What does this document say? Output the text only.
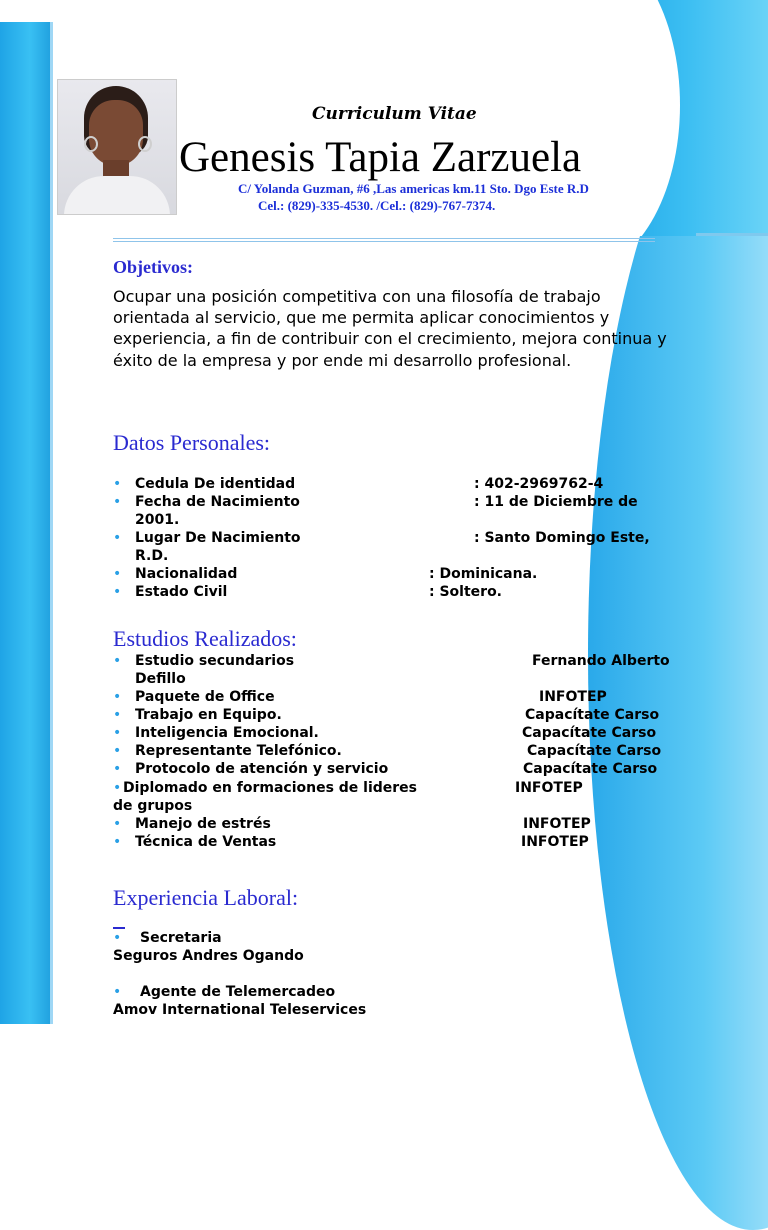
Curriculum Vitae
Genesis Tapia Zarzuela
C/ Yolanda Guzman, #6 ,Las americas km.11 Sto. Dgo Este R.D
Cel.: (829)-335-4530. /Cel.: (829)-767-7374.
Objetivos:
Ocupar una posición competitiva con una filosofía de trabajo orientada al servicio, que me permita aplicar conocimientos y experiencia, a fin de contribuir con el crecimiento, mejora continua y éxito de la empresa y por ende mi desarrollo profesional.
Datos Personales:
• Cedula De identidad	: 402-2969762-4
• Fecha de Nacimiento	: 11 de Diciembre de
2001.
• Lugar De Nacimiento	: Santo Domingo Este,
R.D.
• Nacionalidad	: Dominicana.
• Estado Civil	: Soltero.
Estudios Realizados:
• Estudio secundarios	Fernando Alberto
Defillo
• Paquete de Office	INFOTEP
• Trabajo en Equipo.	Capacítate Carso
• Inteligencia Emocional.	Capacítate Carso
• Representante Telefónico.	Capacítate Carso
• Protocolo de atención y servicio	Capacítate Carso
• Diplomado en formaciones de lideres	INFOTEP
de grupos
• Manejo de estrés	INFOTEP
• Técnica de Ventas	INFOTEP
Experiencia Laboral:
• Secretaria
Seguros Andres Ogando
• Agente de Telemercadeo
Amov International Teleservices
